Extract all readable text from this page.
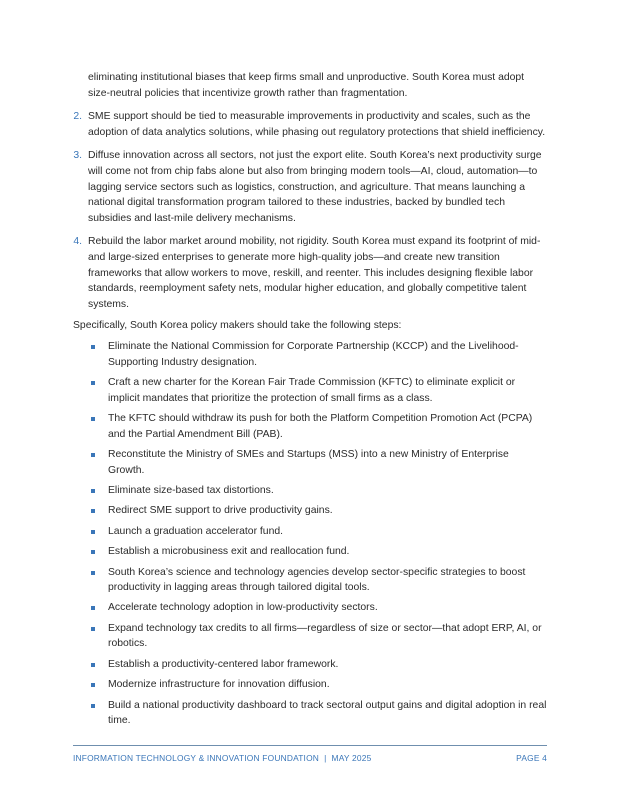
eliminating institutional biases that keep firms small and unproductive. South Korea must adopt size-neutral policies that incentivize growth rather than fragmentation.
2. SME support should be tied to measurable improvements in productivity and scales, such as the adoption of data analytics solutions, while phasing out regulatory protections that shield inefficiency.
3. Diffuse innovation across all sectors, not just the export elite. South Korea’s next productivity surge will come not from chip fabs alone but also from bringing modern tools—AI, cloud, automation—to lagging service sectors such as logistics, construction, and agriculture. That means launching a national digital transformation program tailored to these industries, backed by bundled tech subsidies and last-mile delivery mechanisms.
4. Rebuild the labor market around mobility, not rigidity. South Korea must expand its footprint of mid- and large-sized enterprises to generate more high-quality jobs—and create new transition frameworks that allow workers to move, reskill, and reenter. This includes designing flexible labor standards, reemployment safety nets, modular higher education, and globally competitive talent systems.

Specifically, South Korea policy makers should take the following steps:

Eliminate the National Commission for Corporate Partnership (KCCP) and the Livelihood-Supporting Industry designation.
Craft a new charter for the Korean Fair Trade Commission (KFTC) to eliminate explicit or implicit mandates that prioritize the protection of small firms as a class.
The KFTC should withdraw its push for both the Platform Competition Promotion Act (PCPA) and the Partial Amendment Bill (PAB).
Reconstitute the Ministry of SMEs and Startups (MSS) into a new Ministry of Enterprise Growth.
Eliminate size-based tax distortions.
Redirect SME support to drive productivity gains.
Launch a graduation accelerator fund.
Establish a microbusiness exit and reallocation fund.
South Korea’s science and technology agencies develop sector-specific strategies to boost productivity in lagging areas through tailored digital tools.
Accelerate technology adoption in low-productivity sectors.
Expand technology tax credits to all firms—regardless of size or sector—that adopt ERP, AI, or robotics.
Establish a productivity-centered labor framework.
Modernize infrastructure for innovation diffusion.
Build a national productivity dashboard to track sectoral output gains and digital adoption in real time.
INFORMATION TECHNOLOGY & INNOVATION FOUNDATION  |  MAY 2025	PAGE 4
